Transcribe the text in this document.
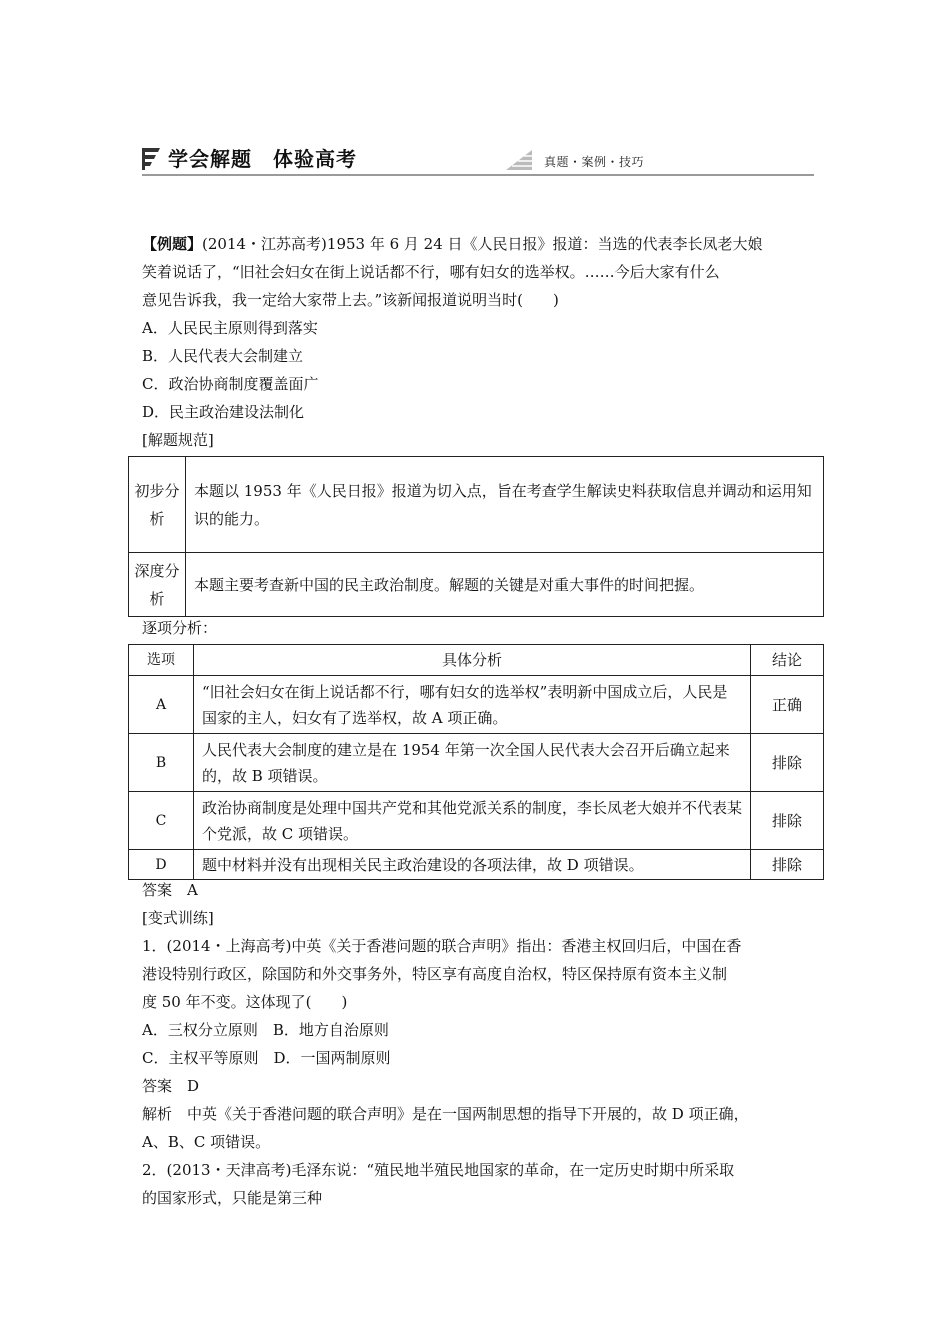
学会解题　体验高考	真题・案例・技巧
【例题】(2014・江苏高考)1953 年 6 月 24 日《人民日报》报道：当选的代表李长凤老大娘
笑着说话了，“旧社会妇女在街上说话都不行，哪有妇女的选举权。……今后大家有什么
意见告诉我，我一定给大家带上去。”该新闻报道说明当时(　　)
A．人民民主原则得到落实
B．人民代表大会制建立
C．政治协商制度覆盖面广
D．民主政治建设法制化
[解题规范]
初步分析	本题以 1953 年《人民日报》报道为切入点，旨在考查学生解读史料获取信息并调动和运用知识的能力。
深度分析	本题主要考查新中国的民主政治制度。解题的关键是对重大事件的时间把握。
逐项分析：
选项	具体分析	结论
A	“旧社会妇女在街上说话都不行，哪有妇女的选举权”表明新中国成立后，人民是国家的主人，妇女有了选举权，故 A 项正确。	正确
B	人民代表大会制度的建立是在 1954 年第一次全国人民代表大会召开后确立起来的，故 B 项错误。	排除
C	政治协商制度是处理中国共产党和其他党派关系的制度，李长凤老大娘并不代表某个党派，故 C 项错误。	排除
D	题中材料并没有出现相关民主政治建设的各项法律，故 D 项错误。	排除
答案　A
[变式训练]
1．(2014・上海高考)中英《关于香港问题的联合声明》指出：香港主权回归后，中国在香
港设特别行政区，除国防和外交事务外，特区享有高度自治权，特区保持原有资本主义制
度 50 年不变。这体现了(　　)
A．三权分立原则　B．地方自治原则
C．主权平等原则　D．一国两制原则
答案　D
解析　中英《关于香港问题的联合声明》是在一国两制思想的指导下开展的，故 D 项正确，
A、B、C 项错误。
2．(2013・天津高考)毛泽东说：“殖民地半殖民地国家的革命，在一定历史时期中所采取
的国家形式，只能是第三种
